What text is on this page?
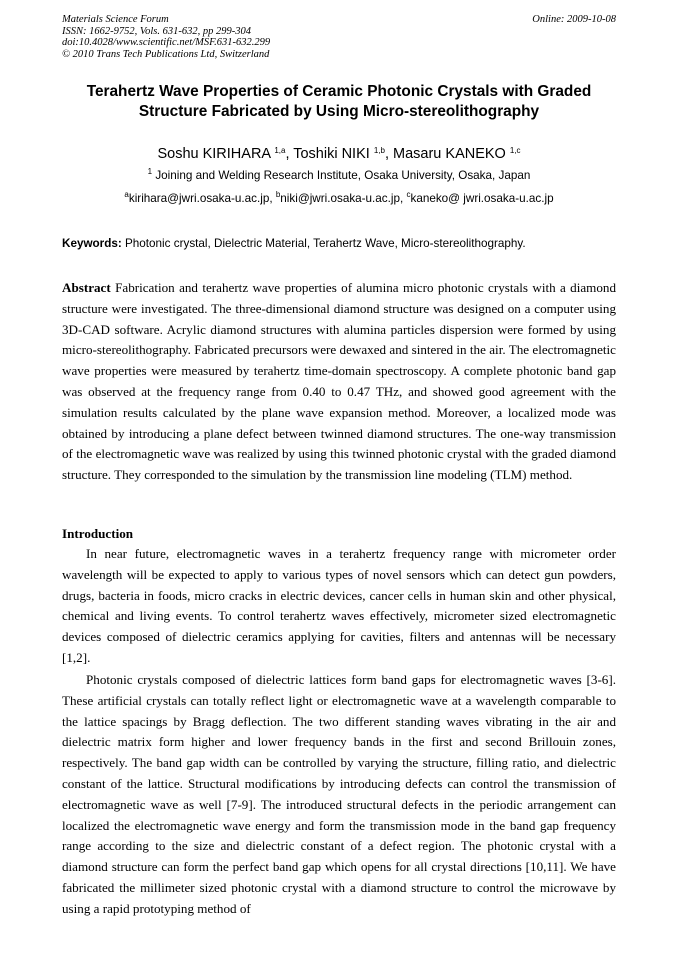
Materials Science Forum
ISSN: 1662-9752, Vols. 631-632, pp 299-304
doi:10.4028/www.scientific.net/MSF.631-632.299
© 2010 Trans Tech Publications Ltd, Switzerland
Online: 2009-10-08
Terahertz Wave Properties of Ceramic Photonic Crystals with Graded
Structure Fabricated by Using Micro-stereolithography
Soshu KIRIHARA $^{1,a}$, Toshiki NIKI $^{1,b}$, Masaru KANEKO $^{1,c}$
$^1$ Joining and Welding Research Institute, Osaka University, Osaka, Japan
$^a$kirihara@jwri.osaka-u.ac.jp, $^b$niki@jwri.osaka-u.ac.jp, $^c$kaneko@ jwri.osaka-u.ac.jp
Keywords: Photonic crystal, Dielectric Material, Terahertz Wave, Micro-stereolithography.
Abstract Fabrication and terahertz wave properties of alumina micro photonic crystals with a diamond structure were investigated. The three-dimensional diamond structure was designed on a computer using 3D-CAD software. Acrylic diamond structures with alumina particles dispersion were formed by using micro-stereolithography. Fabricated precursors were dewaxed and sintered in the air. The electromagnetic wave properties were measured by terahertz time-domain spectroscopy. A complete photonic band gap was observed at the frequency range from 0.40 to 0.47 THz, and showed good agreement with the simulation results calculated by the plane wave expansion method. Moreover, a localized mode was obtained by introducing a plane defect between twinned diamond structures. The one-way transmission of the electromagnetic wave was realized by using this twinned photonic crystal with the graded diamond structure. They corresponded to the simulation by the transmission line modeling (TLM) method.
Introduction
In near future, electromagnetic waves in a terahertz frequency range with micrometer order wavelength will be expected to apply to various types of novel sensors which can detect gun powders, drugs, bacteria in foods, micro cracks in electric devices, cancer cells in human skin and other physical, chemical and living events. To control terahertz waves effectively, micrometer sized electromagnetic devices composed of dielectric ceramics applying for cavities, filters and antennas will be necessary [1,2].
Photonic crystals composed of dielectric lattices form band gaps for electromagnetic waves [3-6]. These artificial crystals can totally reflect light or electromagnetic wave at a wavelength comparable to the lattice spacings by Bragg deflection. The two different standing waves vibrating in the air and dielectric matrix form higher and lower frequency bands in the first and second Brillouin zones, respectively. The band gap width can be controlled by varying the structure, filling ratio, and dielectric constant of the lattice. Structural modifications by introducing defects can control the transmission of electromagnetic wave as well [7-9]. The introduced structural defects in the periodic arrangement can localized the electromagnetic wave energy and form the transmission mode in the band gap frequency range according to the size and dielectric constant of a defect region. The photonic crystal with a diamond structure can form the perfect band gap which opens for all crystal directions [10,11]. We have fabricated the millimeter sized photonic crystal with a diamond structure to control the microwave by using a rapid prototyping method of
